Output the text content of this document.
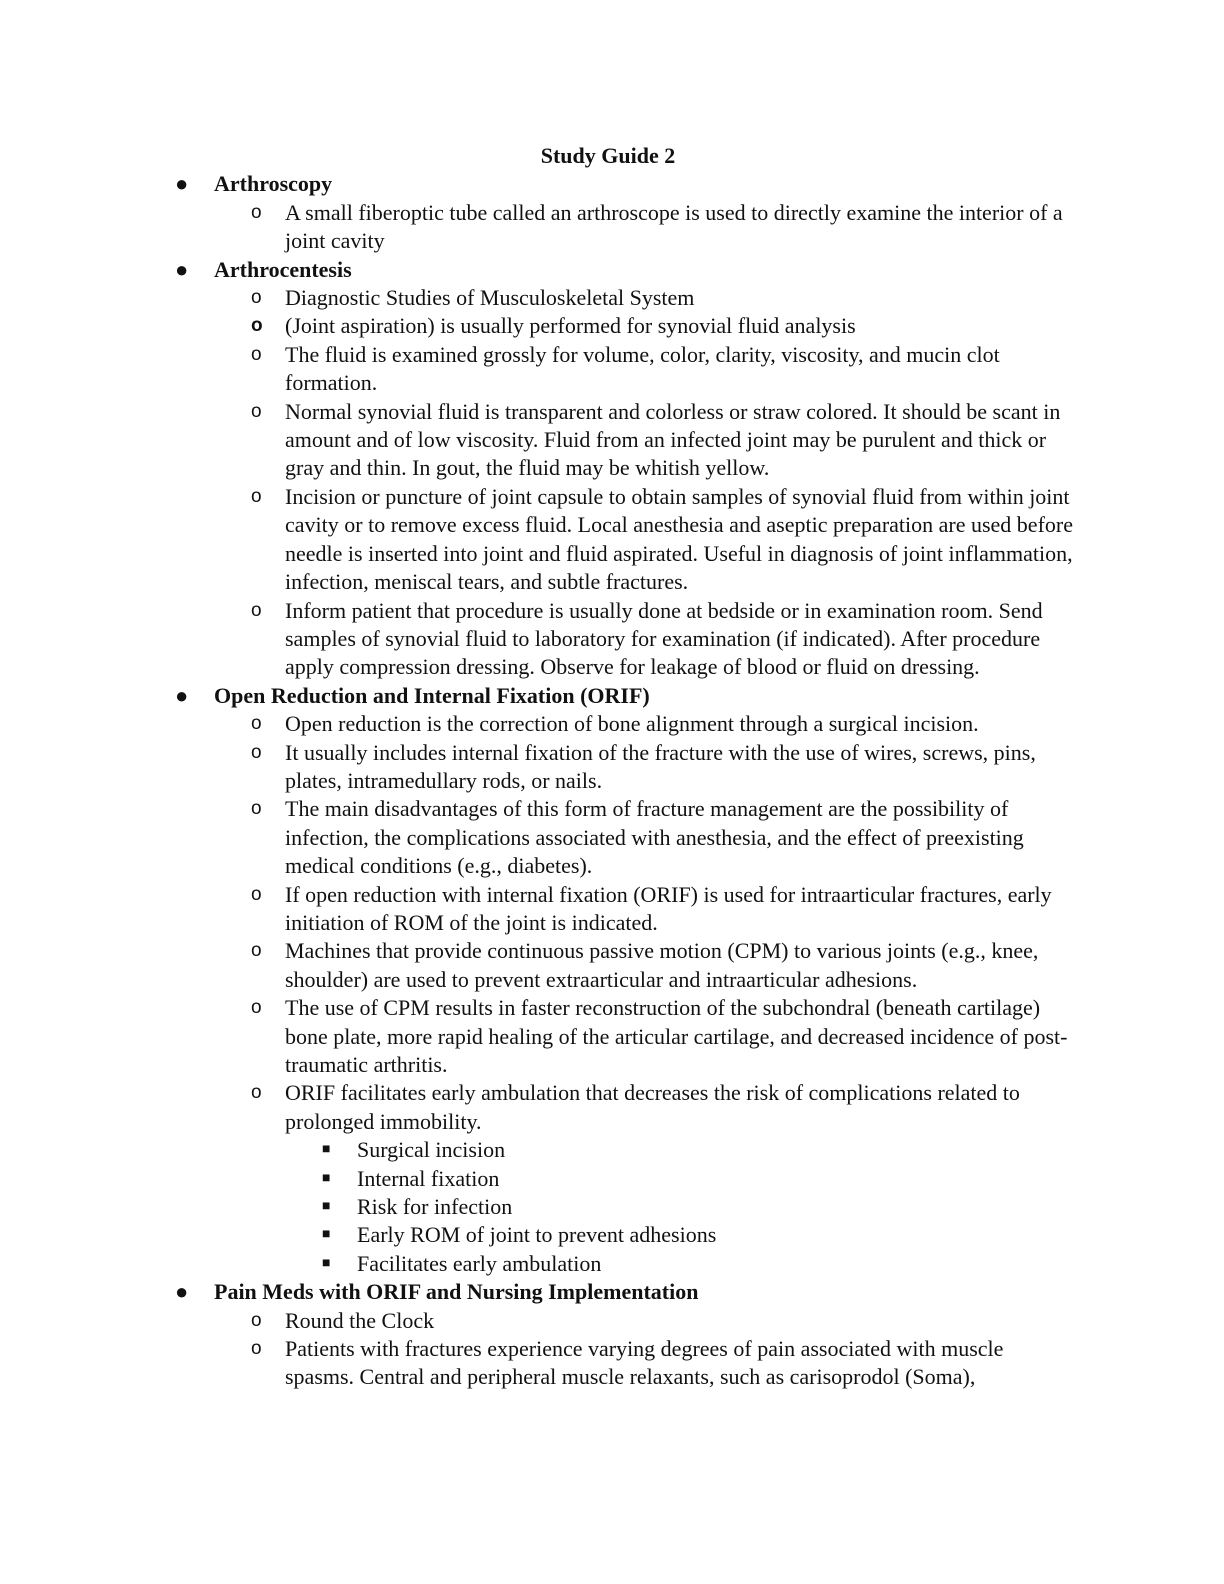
Study Guide 2
● Arthroscopy
o A small fiberoptic tube called an arthroscope is used to directly examine the interior of a joint cavity
● Arthrocentesis
o Diagnostic Studies of Musculoskeletal System
o (Joint aspiration) is usually performed for synovial fluid analysis
o The fluid is examined grossly for volume, color, clarity, viscosity, and mucin clot formation.
o Normal synovial fluid is transparent and colorless or straw colored. It should be scant in amount and of low viscosity. Fluid from an infected joint may be purulent and thick or gray and thin. In gout, the fluid may be whitish yellow.
o Incision or puncture of joint capsule to obtain samples of synovial fluid from within joint cavity or to remove excess fluid. Local anesthesia and aseptic preparation are used before needle is inserted into joint and fluid aspirated. Useful in diagnosis of joint inflammation, infection, meniscal tears, and subtle fractures.
o Inform patient that procedure is usually done at bedside or in examination room. Send samples of synovial fluid to laboratory for examination (if indicated). After procedure apply compression dressing. Observe for leakage of blood or fluid on dressing.
● Open Reduction and Internal Fixation (ORIF)
o Open reduction is the correction of bone alignment through a surgical incision.
o It usually includes internal fixation of the fracture with the use of wires, screws, pins, plates, intramedullary rods, or nails.
o The main disadvantages of this form of fracture management are the possibility of infection, the complications associated with anesthesia, and the effect of preexisting medical conditions (e.g., diabetes).
o If open reduction with internal fixation (ORIF) is used for intraarticular fractures, early initiation of ROM of the joint is indicated.
o Machines that provide continuous passive motion (CPM) to various joints (e.g., knee, shoulder) are used to prevent extraarticular and intraarticular adhesions.
o The use of CPM results in faster reconstruction of the subchondral (beneath cartilage) bone plate, more rapid healing of the articular cartilage, and decreased incidence of post-traumatic arthritis.
o ORIF facilitates early ambulation that decreases the risk of complications related to prolonged immobility.
■ Surgical incision
■ Internal fixation
■ Risk for infection
■ Early ROM of joint to prevent adhesions
■ Facilitates early ambulation
● Pain Meds with ORIF and Nursing Implementation
o Round the Clock
o Patients with fractures experience varying degrees of pain associated with muscle spasms. Central and peripheral muscle relaxants, such as carisoprodol (Soma),
